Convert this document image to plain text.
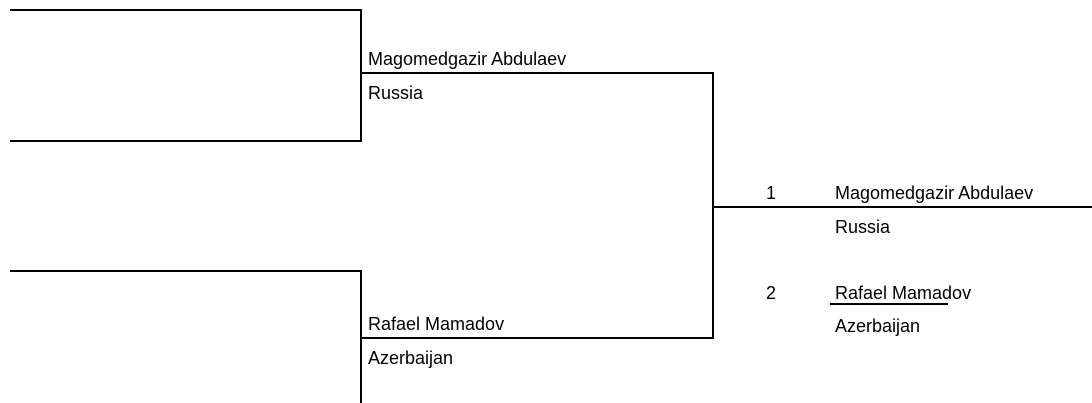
Magomedgazir Abdulaev
Russia
Rafael Mamadov
Azerbaijan
1	Magomedgazir Abdulaev
Russia
2	Rafael Mamadov
Azerbaijan
